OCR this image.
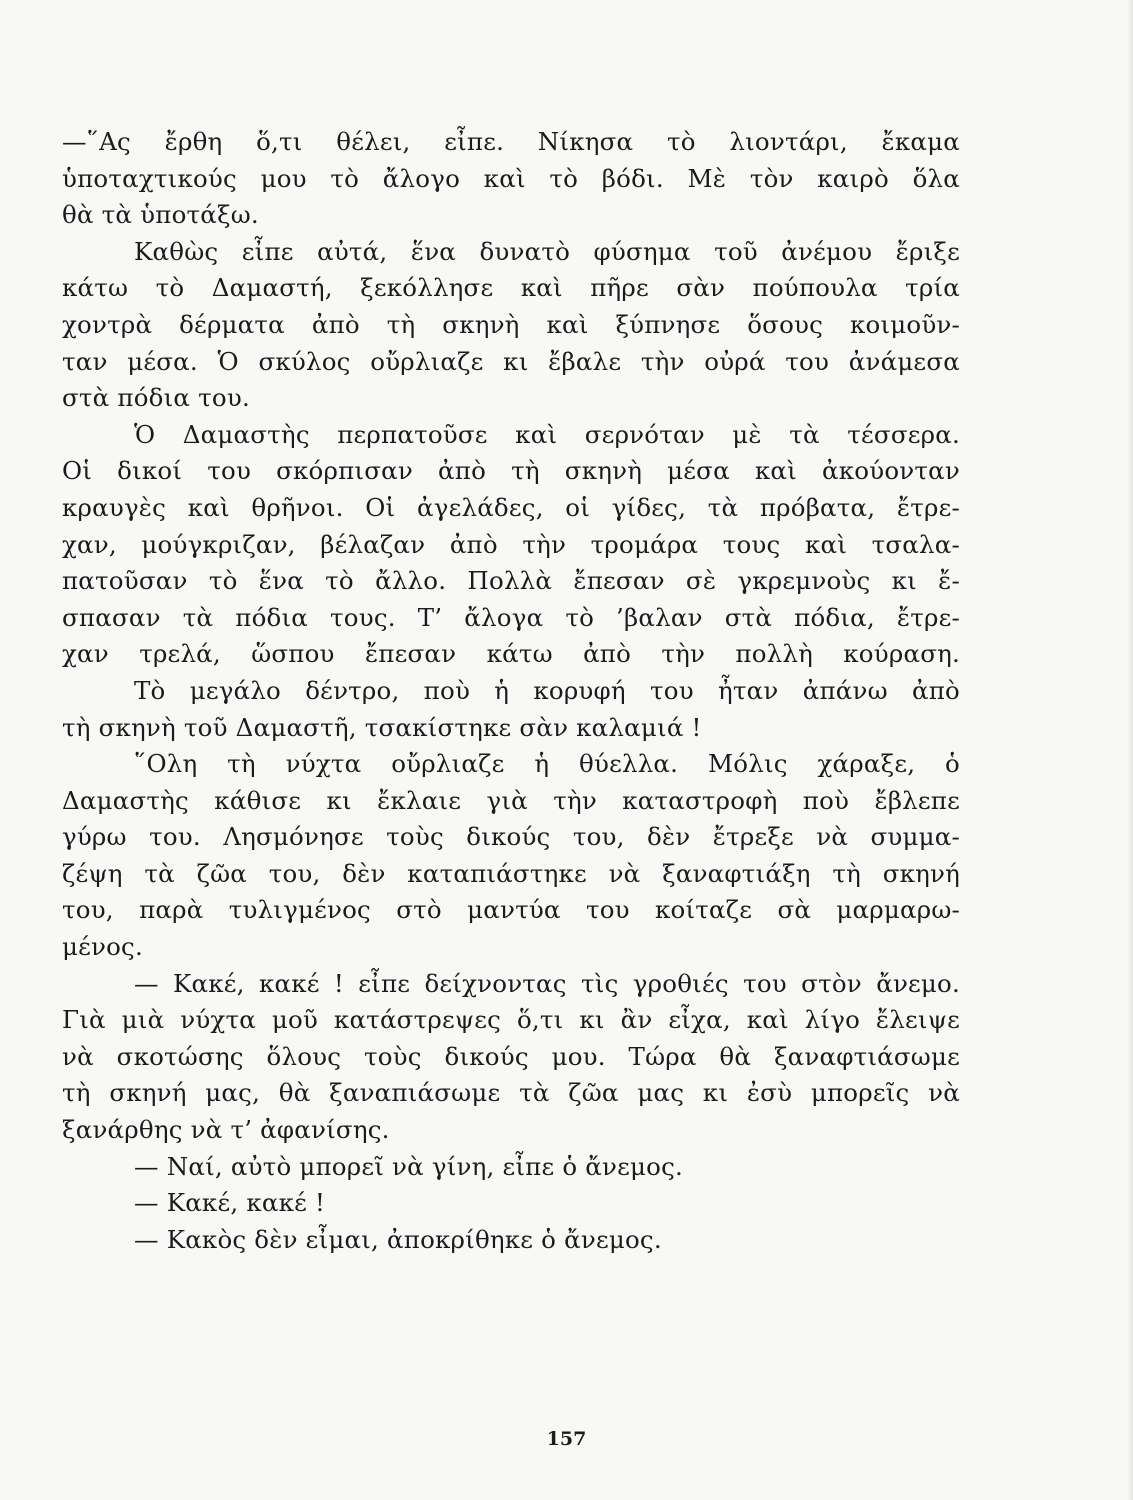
—῞Ας ἔρθη ὅ,τι θέλει, εἶπε. Νίκησα τὸ λιοντάρι, ἔκαμα
ὑποταχτικούς μου τὸ ἄλογο καὶ τὸ βόδι. Μὲ τὸν καιρὸ ὅλα
θὰ τὰ ὑποτάξω.
Καθὼς εἶπε αὐτά, ἕνα δυνατὸ φύσημα τοῦ ἀνέμου ἔριξε
κάτω τὸ Δαμαστή, ξεκόλλησε καὶ πῆρε σὰν πούπουλα τρία
χοντρὰ δέρματα ἀπὸ τὴ σκηνὴ καὶ ξύπνησε ὅσους κοιμοῦν-
ταν μέσα. Ὁ σκύλος οὔρλιαζε κι ἔβαλε τὴν οὐρά του ἀνάμεσα
στὰ πόδια του.
Ὁ Δαμαστὴς περπατοῦσε καὶ σερνόταν μὲ τὰ τέσσερα.
Οἱ δικοί του σκόρπισαν ἀπὸ τὴ σκηνὴ μέσα καὶ ἀκούονταν
κραυγὲς καὶ θρῆνοι. Οἱ ἀγελάδες, οἱ γίδες, τὰ πρόβατα, ἔτρε-
χαν, μούγκριζαν, βέλαζαν ἀπὸ τὴν τρομάρα τους καὶ τσαλα-
πατοῦσαν τὸ ἕνα τὸ ἄλλο. Πολλὰ ἔπεσαν σὲ γκρεμνοὺς κι ἔ-
σπασαν τὰ πόδια τους. Τ’ ἄλογα τὸ ’βαλαν στὰ πόδια, ἔτρε-
χαν τρελά, ὥσπου ἔπεσαν κάτω ἀπὸ τὴν πολλὴ κούραση.
Τὸ μεγάλο δέντρο, ποὺ ἡ κορυφή του ἦταν ἀπάνω ἀπὸ
τὴ σκηνὴ τοῦ Δαμαστῆ, τσακίστηκε σὰν καλαμιά !
῞Ολη τὴ νύχτα οὔρλιαζε ἡ θύελλα. Μόλις χάραξε, ὁ
Δαμαστὴς κάθισε κι ἔκλαιε γιὰ τὴν καταστροφὴ ποὺ ἔβλεπε
γύρω του. Λησμόνησε τοὺς δικούς του, δὲν ἔτρεξε νὰ συμμα-
ζέψη τὰ ζῶα του, δὲν καταπιάστηκε νὰ ξαναφτιάξη τὴ σκηνή
του, παρὰ τυλιγμένος στὸ μαντύα του κοίταζε σὰ μαρμαρω-
μένος.
— Κακέ, κακέ ! εἶπε δείχνοντας τὶς γροθιές του στὸν ἄνεμο.
Γιὰ μιὰ νύχτα μοῦ κατάστρεψες ὅ,τι κι ἂν εἶχα, καὶ λίγο ἔλειψε
νὰ σκοτώσης ὅλους τοὺς δικούς μου. Τώρα θὰ ξαναφτιάσωμε
τὴ σκηνή μας, θὰ ξαναπιάσωμε τὰ ζῶα μας κι ἐσὺ μπορεῖς νὰ
ξανάρθης νὰ τ’ ἀφανίσης.
— Ναί, αὐτὸ μπορεῖ νὰ γίνη, εἶπε ὁ ἄνεμος.
— Κακέ, κακέ !
— Κακὸς δὲν εἶμαι, ἀποκρίθηκε ὁ ἄνεμος.
157
